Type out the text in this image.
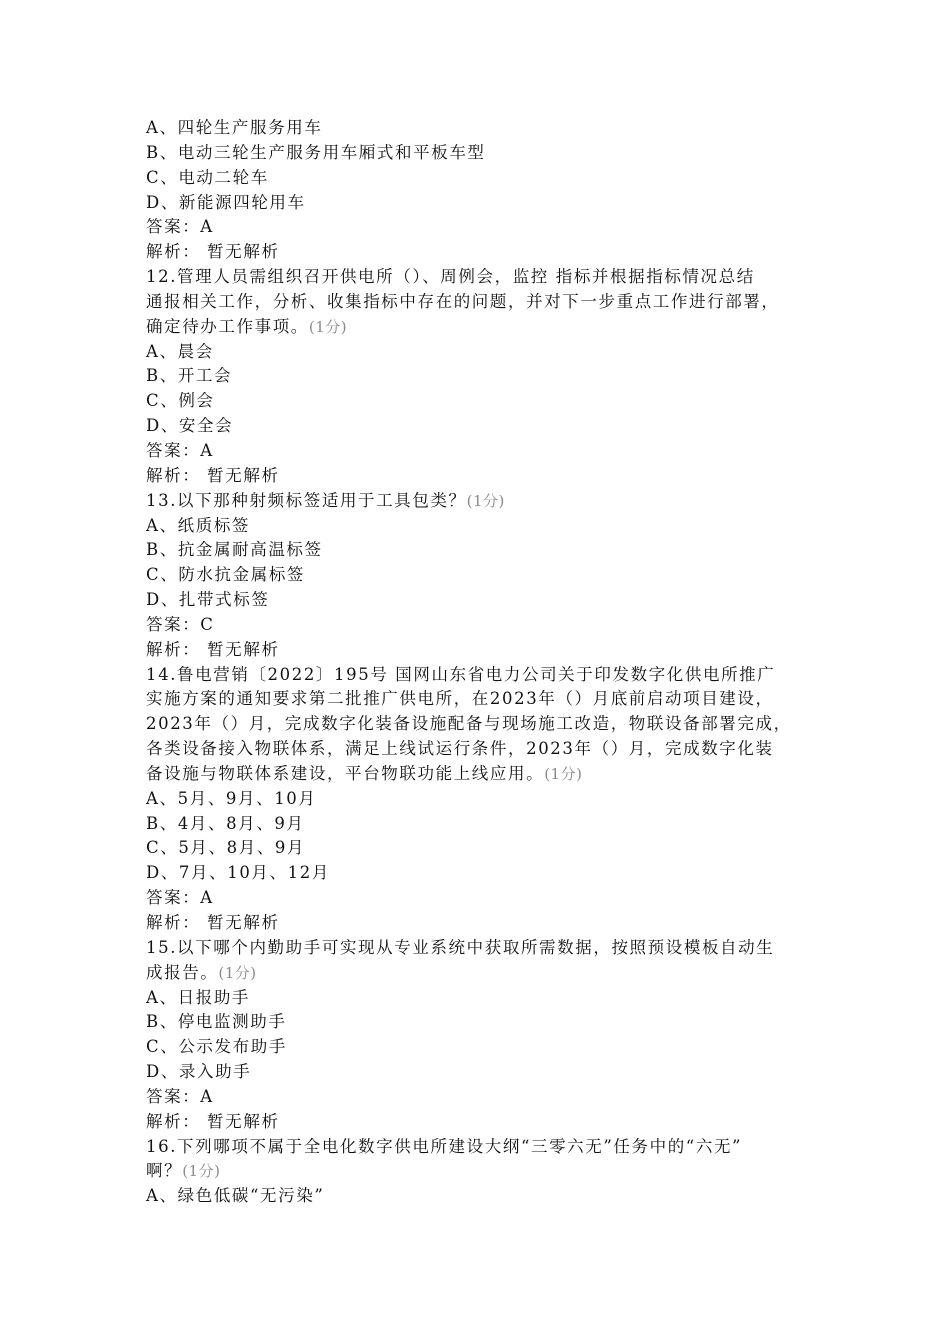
A、四轮生产服务用车
B、电动三轮生产服务用车厢式和平板车型
C、电动二轮车
D、新能源四轮用车
答案：A
解析： 暂无解析
12.管理人员需组织召开供电所（）、周例会，监控 指标并根据指标情况总结
通报相关工作，分析、收集指标中存在的问题，并对下一步重点工作进行部署，
确定待办工作事项。(1分)
A、晨会
B、开工会
C、例会
D、安全会
答案：A
解析： 暂无解析
13.以下那种射频标签适用于工具包类？(1分)
A、纸质标签
B、抗金属耐高温标签
C、防水抗金属标签
D、扎带式标签
答案：C
解析： 暂无解析
14.鲁电营销〔2022〕195号 国网山东省电力公司关于印发数字化供电所推广
实施方案的通知要求第二批推广供电所，在2023年（）月底前启动项目建设，
2023年（）月，完成数字化装备设施配备与现场施工改造，物联设备部署完成，
各类设备接入物联体系，满足上线试运行条件，2023年（）月，完成数字化装
备设施与物联体系建设，平台物联功能上线应用。(1分)
A、5月、9月、10月
B、4月、8月、9月
C、5月、8月、9月
D、7月、10月、12月
答案：A
解析： 暂无解析
15.以下哪个内勤助手可实现从专业系统中获取所需数据，按照预设模板自动生
成报告。(1分)
A、日报助手
B、停电监测助手
C、公示发布助手
D、录入助手
答案：A
解析： 暂无解析
16.下列哪项不属于全电化数字供电所建设大纲“三零六无”任务中的“六无”
啊？(1分)
A、绿色低碳“无污染”
